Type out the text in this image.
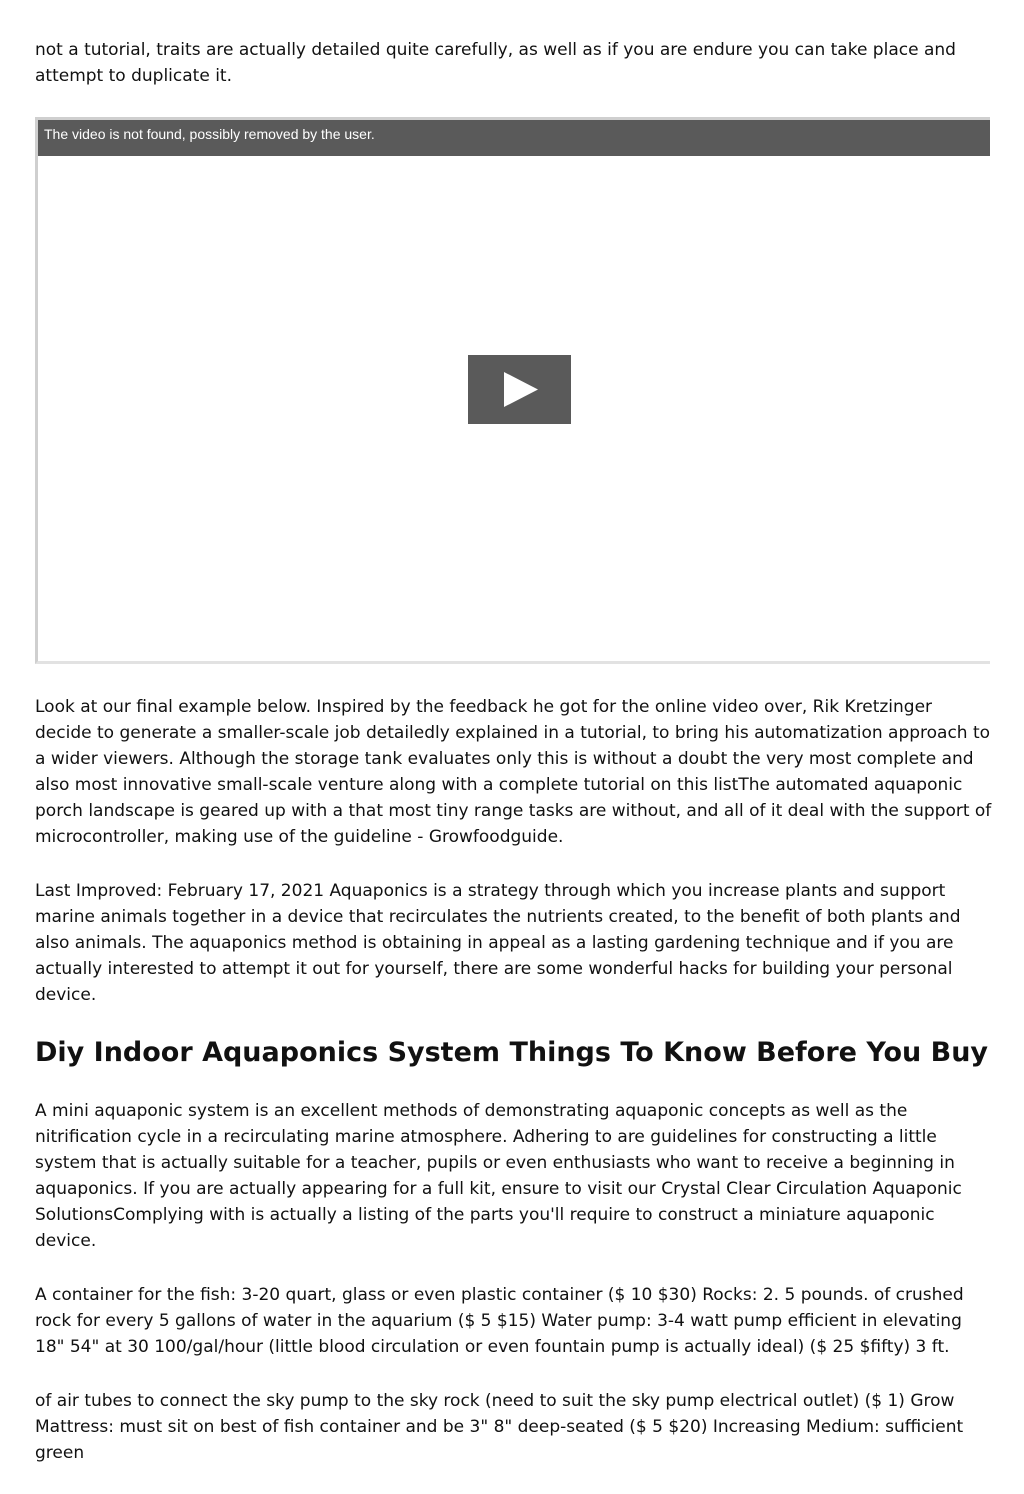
not a tutorial, traits are actually detailed quite carefully, as well as if you are endure you can take place and attempt to duplicate it.

The video is not found, possibly removed by the user.

Look at our final example below. Inspired by the feedback he got for the online video over, Rik Kretzinger decide to generate a smaller-scale job detailedly explained in a tutorial, to bring his automatization approach to a wider viewers. Although the storage tank evaluates only this is without a doubt the very most complete and also most innovative small-scale venture along with a complete tutorial on this listThe automated aquaponic porch landscape is geared up with a that most tiny range tasks are without, and all of it deal with the support of microcontroller, making use of the guideline - Growfoodguide.

Last Improved: February 17, 2021 Aquaponics is a strategy through which you increase plants and support marine animals together in a device that recirculates the nutrients created, to the benefit of both plants and also animals. The aquaponics method is obtaining in appeal as a lasting gardening technique and if you are actually interested to attempt it out for yourself, there are some wonderful hacks for building your personal device.

Diy Indoor Aquaponics System Things To Know Before You Buy

A mini aquaponic system is an excellent methods of demonstrating aquaponic concepts as well as the nitrification cycle in a recirculating marine atmosphere. Adhering to are guidelines for constructing a little system that is actually suitable for a teacher, pupils or even enthusiasts who want to receive a beginning in aquaponics. If you are actually appearing for a full kit, ensure to visit our Crystal Clear Circulation Aquaponic SolutionsComplying with is actually a listing of the parts you'll require to construct a miniature aquaponic device.

A container for the fish: 3-20 quart, glass or even plastic container ($ 10 $30) Rocks: 2. 5 pounds. of crushed rock for every 5 gallons of water in the aquarium ($ 5 $15) Water pump: 3-4 watt pump efficient in elevating 18" 54" at 30 100/gal/hour (little blood circulation or even fountain pump is actually ideal) ($ 25 $fifty) 3 ft.

of air tubes to connect the sky pump to the sky rock (need to suit the sky pump electrical outlet) ($ 1) Grow Mattress: must sit on best of fish container and be 3" 8" deep-seated ($ 5 $20) Increasing Medium: sufficient green
